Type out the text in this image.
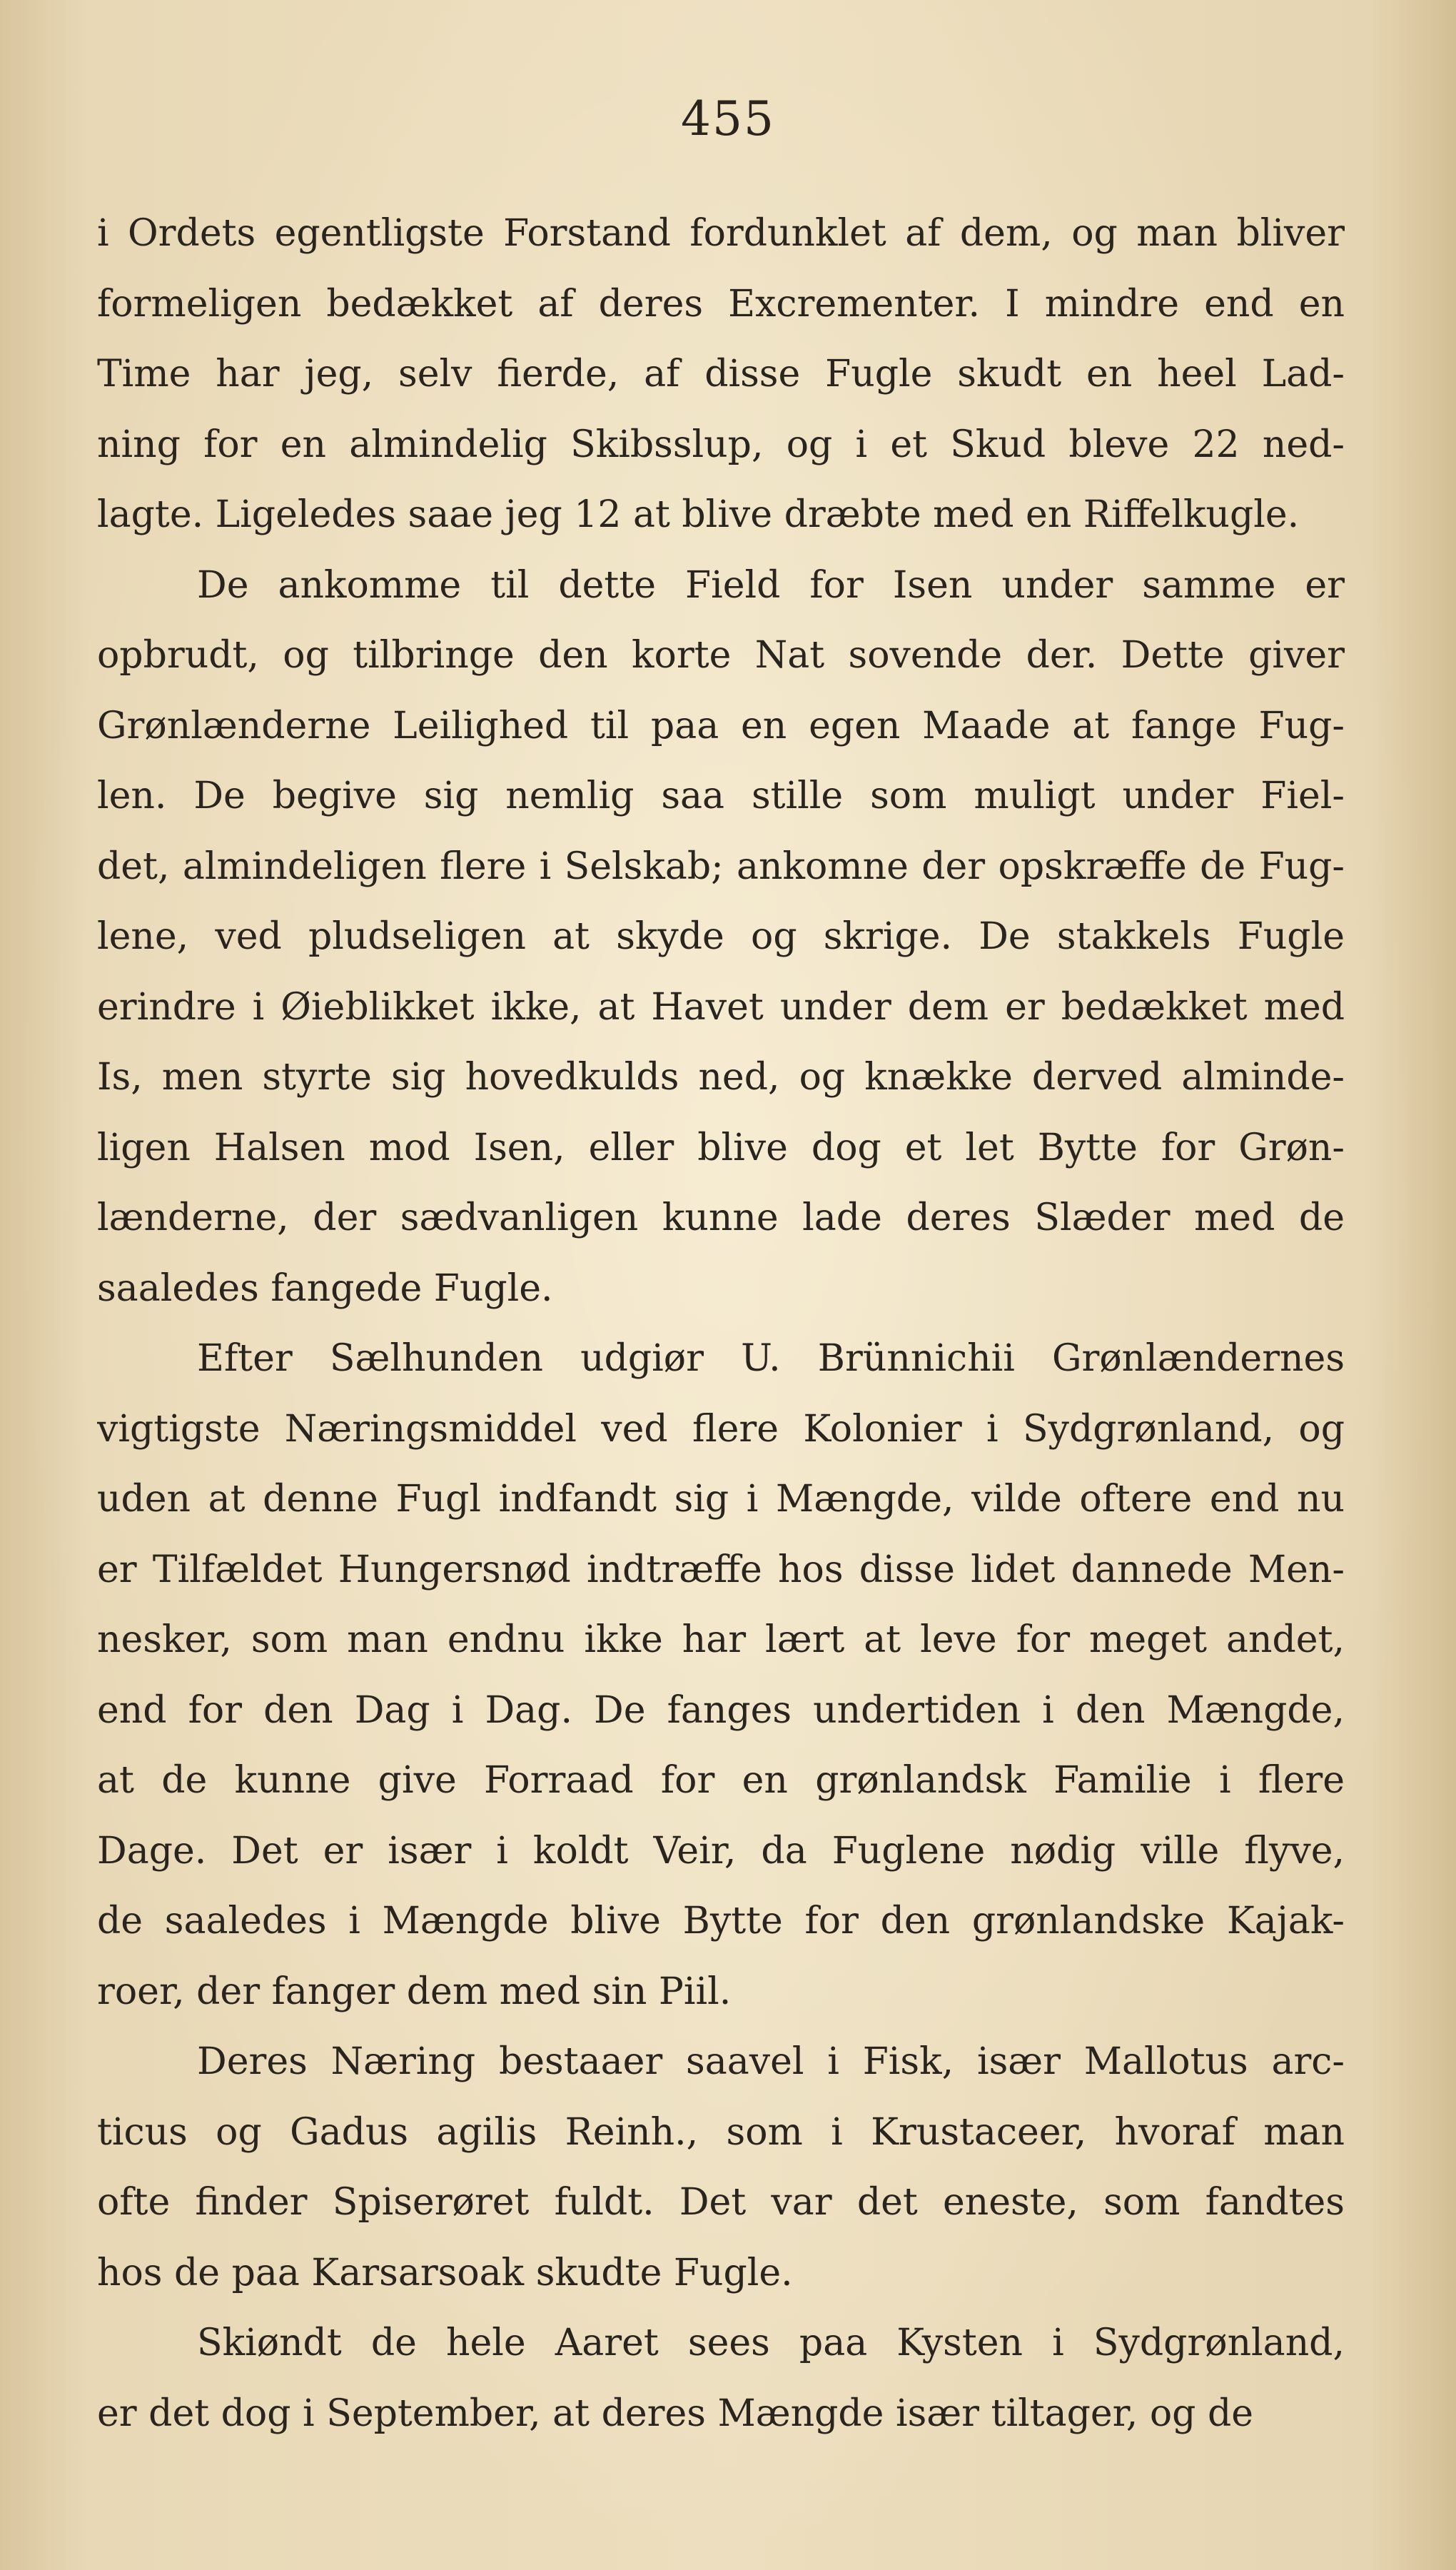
455
i Ordets egentligste Forstand fordunklet af dem, og man bliver
formeligen bedækket af deres Excrementer. I mindre end en
Time har jeg, selv fierde, af disse Fugle skudt en heel Lad-
ning for en almindelig Skibsslup, og i et Skud bleve 22 ned-
lagte. Ligeledes saae jeg 12 at blive dræbte med en Riffelkugle.
De ankomme til dette Field for Isen under samme er
opbrudt, og tilbringe den korte Nat sovende der. Dette giver
Grønlænderne Leilighed til paa en egen Maade at fange Fug-
len. De begive sig nemlig saa stille som muligt under Fiel-
det, almindeligen flere i Selskab; ankomne der opskræffe de Fug-
lene, ved pludseligen at skyde og skrige. De stakkels Fugle
erindre i Øieblikket ikke, at Havet under dem er bedækket med
Is, men styrte sig hovedkulds ned, og knække derved alminde-
ligen Halsen mod Isen, eller blive dog et let Bytte for Grøn-
lænderne, der sædvanligen kunne lade deres Slæder med de
saaledes fangede Fugle.
Efter Sælhunden udgiør U. Brünnichii Grønlændernes
vigtigste Næringsmiddel ved flere Kolonier i Sydgrønland, og
uden at denne Fugl indfandt sig i Mængde, vilde oftere end nu
er Tilfældet Hungersnød indtræffe hos disse lidet dannede Men-
nesker, som man endnu ikke har lært at leve for meget andet,
end for den Dag i Dag. De fanges undertiden i den Mængde,
at de kunne give Forraad for en grønlandsk Familie i flere
Dage. Det er især i koldt Veir, da Fuglene nødig ville flyve,
de saaledes i Mængde blive Bytte for den grønlandske Kajak-
roer, der fanger dem med sin Piil.
Deres Næring bestaaer saavel i Fisk, især Mallotus arc-
ticus og Gadus agilis Reinh., som i Krustaceer, hvoraf man
ofte finder Spiserøret fuldt. Det var det eneste, som fandtes
hos de paa Karsarsoak skudte Fugle.
Skiøndt de hele Aaret sees paa Kysten i Sydgrønland,
er det dog i September, at deres Mængde især tiltager, og de
